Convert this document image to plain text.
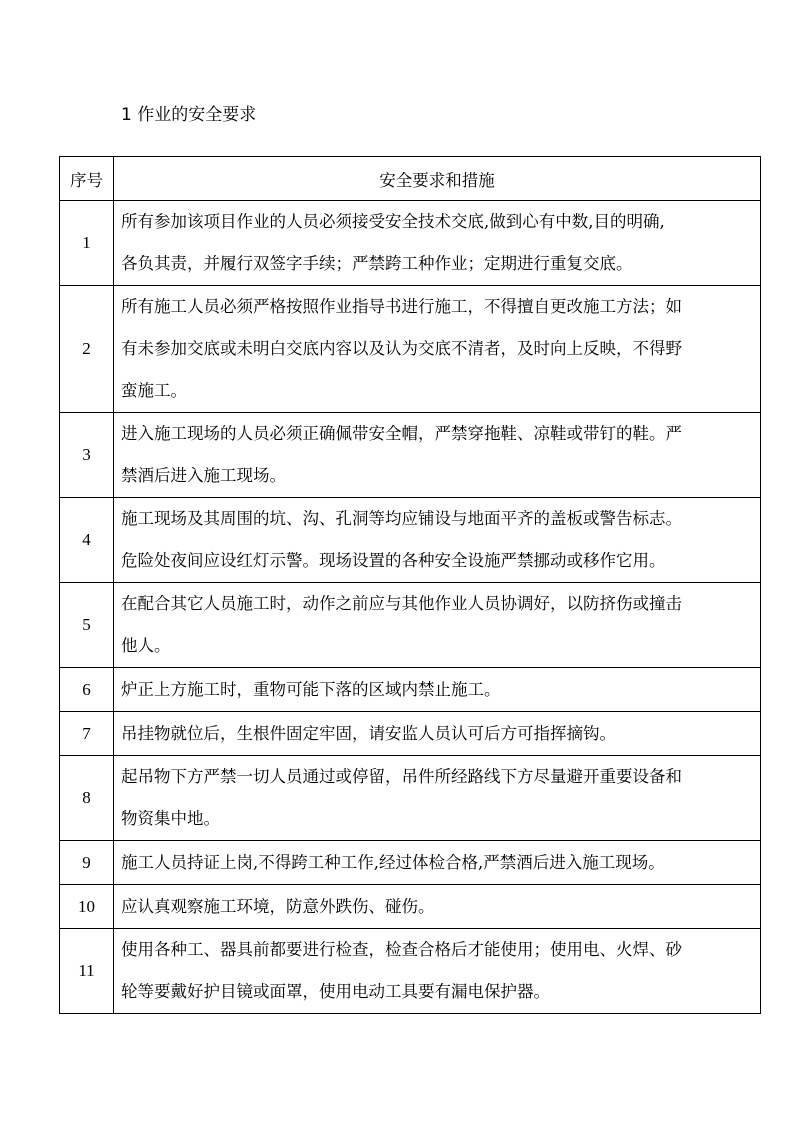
1 作业的安全要求
序号	安全要求和措施
1	所有参加该项目作业的人员必须接受安全技术交底,做到心有中数,目的明确,
各负其责，并履行双签字手续；严禁跨工种作业；定期进行重复交底。

2	所有施工人员必须严格按照作业指导书进行施工，不得擅自更改施工方法；如
有未参加交底或未明白交底内容以及认为交底不清者，及时向上反映，不得野
蛮施工。

3	进入施工现场的人员必须正确佩带安全帽，严禁穿拖鞋、凉鞋或带钉的鞋。严
禁酒后进入施工现场。

4	施工现场及其周围的坑、沟、孔洞等均应铺设与地面平齐的盖板或警告标志。
危险处夜间应设红灯示警。现场设置的各种安全设施严禁挪动或移作它用。

5	在配合其它人员施工时，动作之前应与其他作业人员协调好，以防挤伤或撞击
他人。

6	炉正上方施工时，重物可能下落的区域内禁止施工。

7	吊挂物就位后，生根件固定牢固，请安监人员认可后方可指挥摘钩。

8	起吊物下方严禁一切人员通过或停留，吊件所经路线下方尽量避开重要设备和
物资集中地。

9	施工人员持证上岗,不得跨工种工作,经过体检合格,严禁酒后进入施工现场。

10	应认真观察施工环境，防意外跌伤、碰伤。

11	使用各种工、器具前都要进行检查，检查合格后才能使用；使用电、火焊、砂
轮等要戴好护目镜或面罩，使用电动工具要有漏电保护器。
